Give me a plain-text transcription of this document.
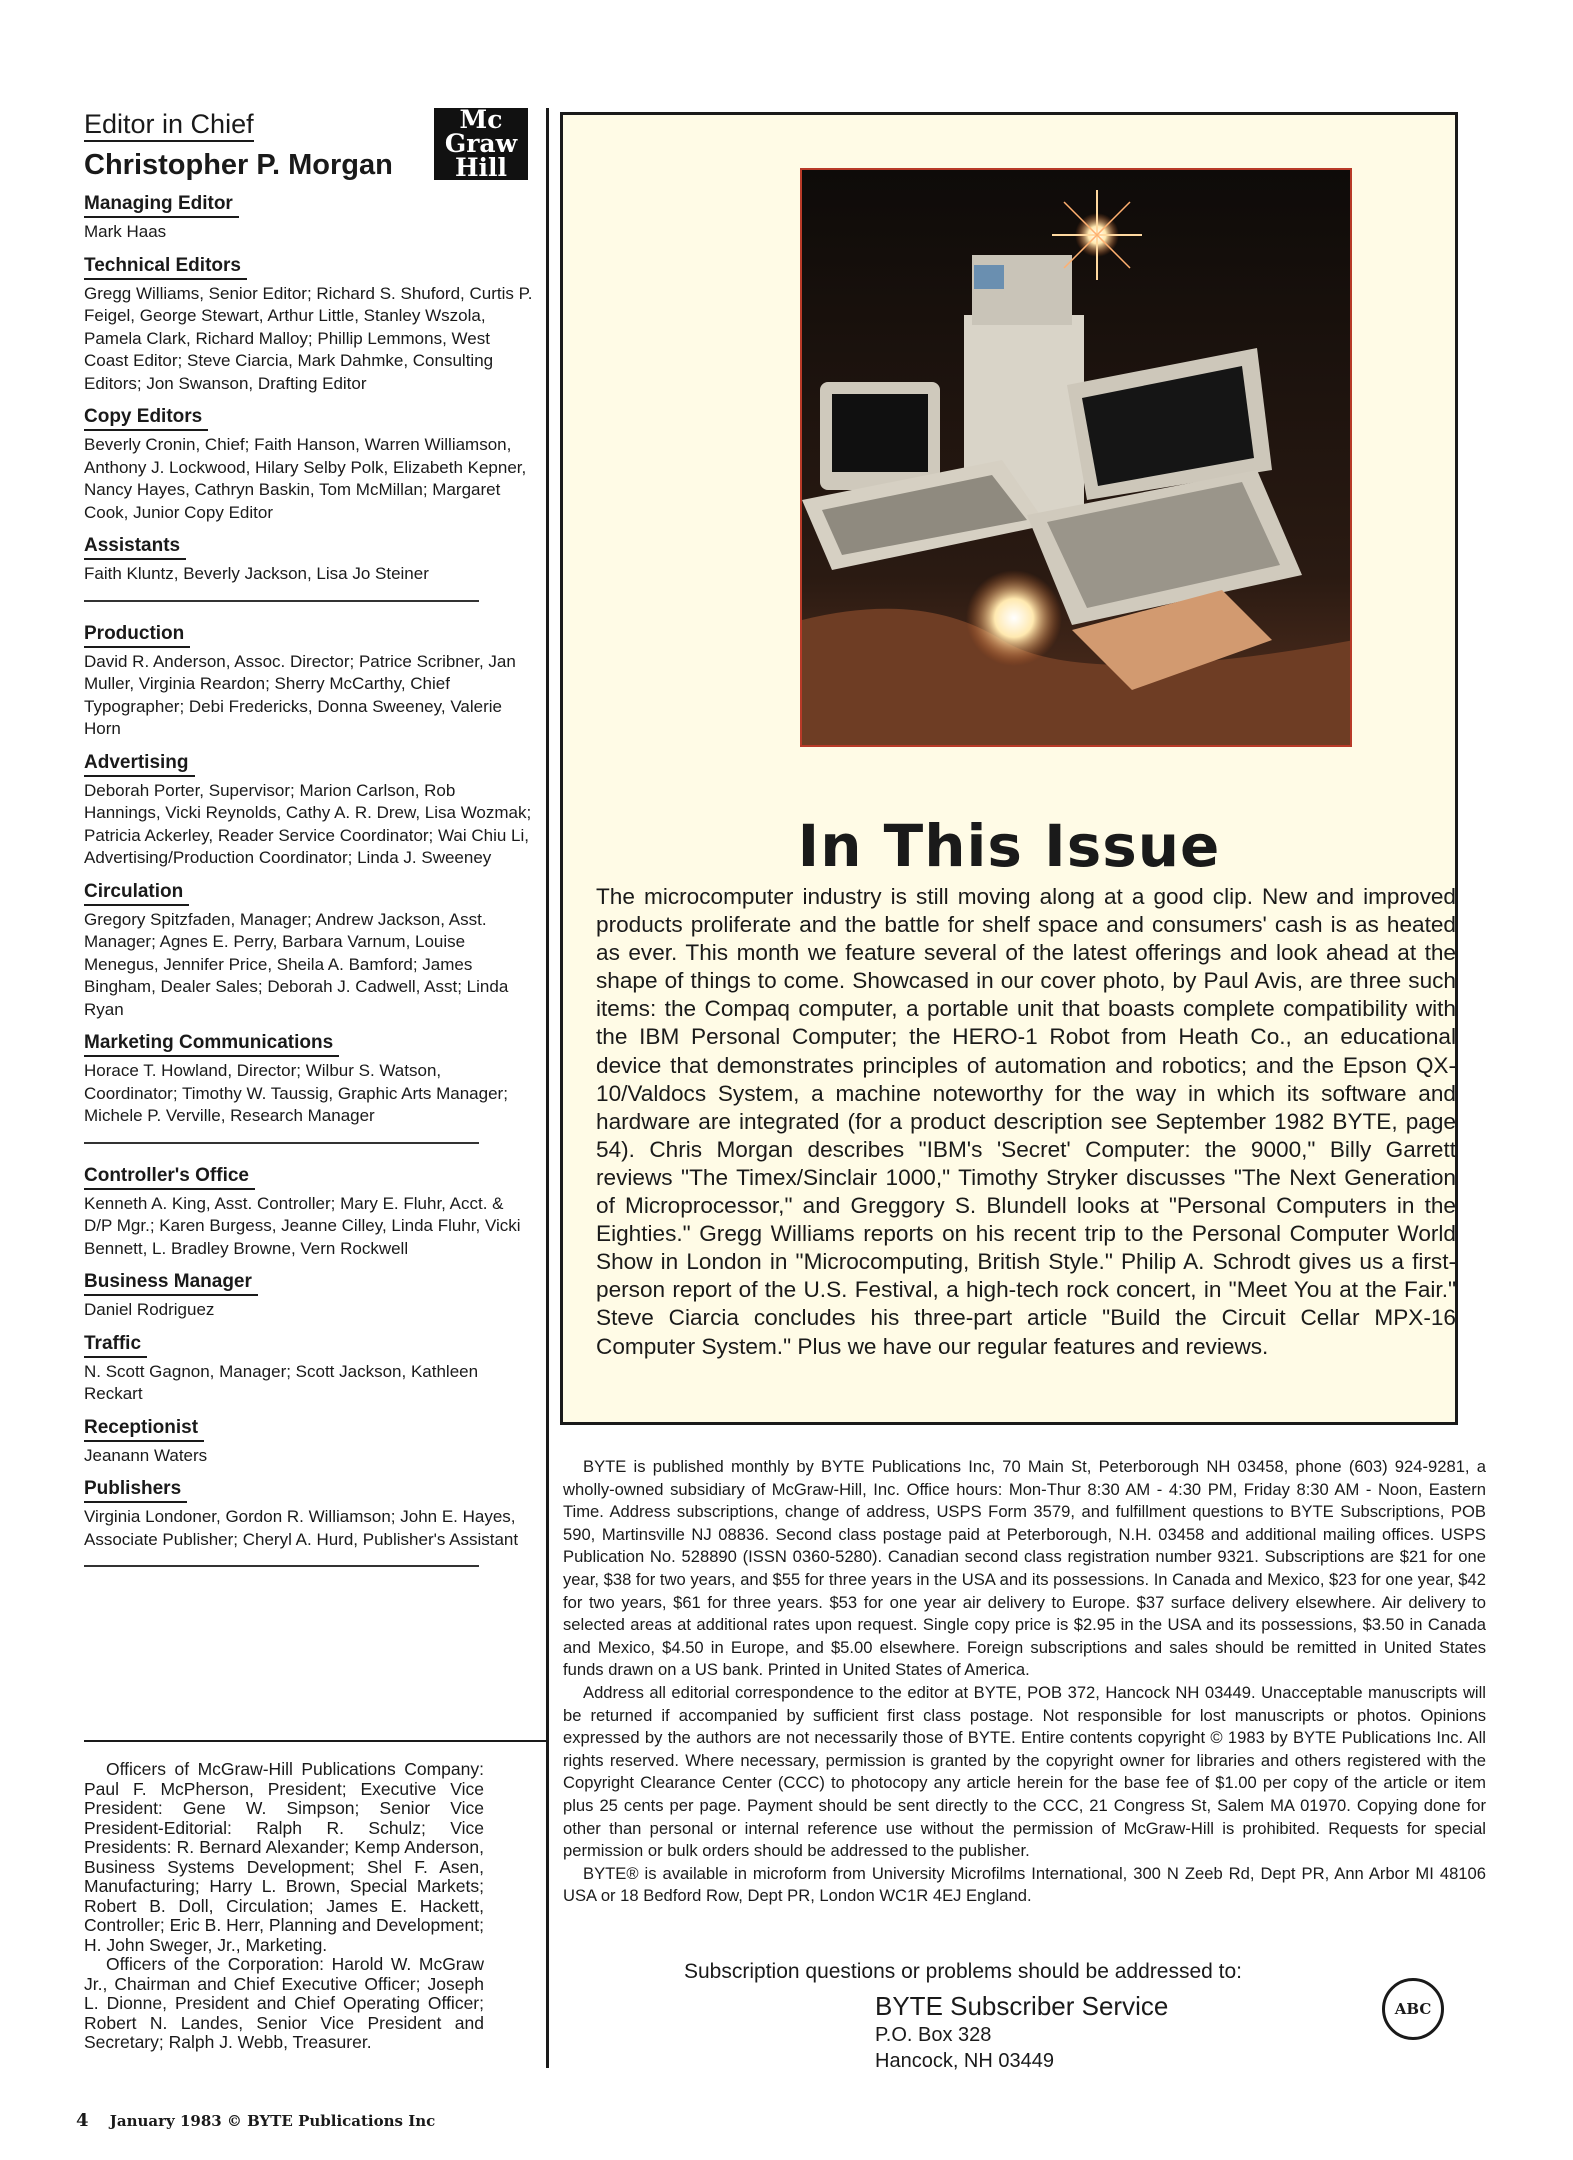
Editor in Chief
Christopher P. Morgan
Managing Editor
Mark Haas
Technical Editors
Gregg Williams, Senior Editor; Richard S. Shuford, Curtis P. Feigel, George Stewart, Arthur Little, Stanley Wszola, Pamela Clark, Richard Malloy; Phillip Lemmons, West Coast Editor; Steve Ciarcia, Mark Dahmke, Consulting Editors; Jon Swanson, Drafting Editor
Copy Editors
Beverly Cronin, Chief; Faith Hanson, Warren Williamson, Anthony J. Lockwood, Hilary Selby Polk, Elizabeth Kepner, Nancy Hayes, Cathryn Baskin, Tom McMillan; Margaret Cook, Junior Copy Editor
Assistants
Faith Kluntz, Beverly Jackson, Lisa Jo Steiner
Production
David R. Anderson, Assoc. Director; Patrice Scribner, Jan Muller, Virginia Reardon; Sherry McCarthy, Chief Typographer; Debi Fredericks, Donna Sweeney, Valerie Horn
Advertising
Deborah Porter, Supervisor; Marion Carlson, Rob Hannings, Vicki Reynolds, Cathy A. R. Drew, Lisa Wozmak; Patricia Ackerley, Reader Service Coordinator; Wai Chiu Li, Advertising/Production Coordinator; Linda J. Sweeney
Circulation
Gregory Spitzfaden, Manager; Andrew Jackson, Asst. Manager; Agnes E. Perry, Barbara Varnum, Louise Menegus, Jennifer Price, Sheila A. Bamford; James Bingham, Dealer Sales; Deborah J. Cadwell, Asst; Linda Ryan
Marketing Communications
Horace T. Howland, Director; Wilbur S. Watson, Coordinator; Timothy W. Taussig, Graphic Arts Manager; Michele P. Verville, Research Manager
Controller's Office
Kenneth A. King, Asst. Controller; Mary E. Fluhr, Acct. & D/P Mgr.; Karen Burgess, Jeanne Cilley, Linda Fluhr, Vicki Bennett, L. Bradley Browne, Vern Rockwell
Business Manager
Daniel Rodriguez
Traffic
N. Scott Gagnon, Manager; Scott Jackson, Kathleen Reckart
Receptionist
Jeanann Waters
Publishers
Virginia Londoner, Gordon R. Williamson; John E. Hayes, Associate Publisher; Cheryl A. Hurd, Publisher's Assistant
Mc
Graw
Hill

Officers of McGraw-Hill Publications Company: Paul F. McPherson, President; Executive Vice President: Gene W. Simpson; Senior Vice President-Editorial: Ralph R. Schulz; Vice Presidents: R. Bernard Alexander; Kemp Anderson, Business Systems Development; Shel F. Asen, Manufacturing; Harry L. Brown, Special Markets; Robert B. Doll, Circulation; James E. Hackett, Controller; Eric B. Herr, Planning and Development; H. John Sweger, Jr., Marketing.

Officers of the Corporation: Harold W. McGraw Jr., Chairman and Chief Executive Officer; Joseph L. Dionne, President and Chief Operating Officer; Robert N. Landes, Senior Vice President and Secretary; Ralph J. Webb, Treasurer.

In This Issue
The microcomputer industry is still moving along at a good clip. New and improved products proliferate and the battle for shelf space and consumers' cash is as heated as ever. This month we feature several of the latest offerings and look ahead at the shape of things to come. Showcased in our cover photo, by Paul Avis, are three such items: the Compaq computer, a portable unit that boasts complete compatibility with the IBM Personal Computer; the HERO-1 Robot from Heath Co., an educational device that demonstrates principles of automation and robotics; and the Epson QX-10/Valdocs System, a machine noteworthy for the way in which its software and hardware are integrated (for a product description see September 1982 BYTE, page 54). Chris Morgan describes "IBM's 'Secret' Computer: the 9000," Billy Garrett reviews "The Timex/Sinclair 1000," Timothy Stryker discusses "The Next Generation of Microprocessor," and Greggory S. Blundell looks at "Personal Computers in the Eighties." Gregg Williams reports on his recent trip to the Personal Computer World Show in London in "Microcomputing, British Style." Philip A. Schrodt gives us a first-person report of the U.S. Festival, a high-tech rock concert, in "Meet You at the Fair." Steve Ciarcia concludes his three-part article "Build the Circuit Cellar MPX-16 Computer System." Plus we have our regular features and reviews.

BYTE is published monthly by BYTE Publications Inc, 70 Main St, Peterborough NH 03458, phone (603) 924-9281, a wholly-owned subsidiary of McGraw-Hill, Inc. Office hours: Mon-Thur 8:30 AM - 4:30 PM, Friday 8:30 AM - Noon, Eastern Time. Address subscriptions, change of address, USPS Form 3579, and fulfillment questions to BYTE Subscriptions, POB 590, Martinsville NJ 08836. Second class postage paid at Peterborough, N.H. 03458 and additional mailing offices. USPS Publication No. 528890 (ISSN 0360-5280). Canadian second class registration number 9321. Subscriptions are $21 for one year, $38 for two years, and $55 for three years in the USA and its possessions. In Canada and Mexico, $23 for one year, $42 for two years, $61 for three years. $53 for one year air delivery to Europe. $37 surface delivery elsewhere. Air delivery to selected areas at additional rates upon request. Single copy price is $2.95 in the USA and its possessions, $3.50 in Canada and Mexico, $4.50 in Europe, and $5.00 elsewhere. Foreign subscriptions and sales should be remitted in United States funds drawn on a US bank. Printed in United States of America.

Address all editorial correspondence to the editor at BYTE, POB 372, Hancock NH 03449. Unacceptable manuscripts will be returned if accompanied by sufficient first class postage. Not responsible for lost manuscripts or photos. Opinions expressed by the authors are not necessarily those of BYTE. Entire contents copyright © 1983 by BYTE Publications Inc. All rights reserved. Where necessary, permission is granted by the copyright owner for libraries and others registered with the Copyright Clearance Center (CCC) to photocopy any article herein for the base fee of $1.00 per copy of the article or item plus 25 cents per page. Payment should be sent directly to the CCC, 21 Congress St, Salem MA 01970. Copying done for other than personal or internal reference use without the permission of McGraw-Hill is prohibited. Requests for special permission or bulk orders should be addressed to the publisher.

BYTE® is available in microform from University Microfilms International, 300 N Zeeb Rd, Dept PR, Ann Arbor MI 48106 USA or 18 Bedford Row, Dept PR, London WC1R 4EJ England.

Subscription questions or problems should be addressed to:
BYTE Subscriber Service
P.O. Box 328
Hancock, NH 03449
ABC
4 January 1983 © BYTE Publications Inc
